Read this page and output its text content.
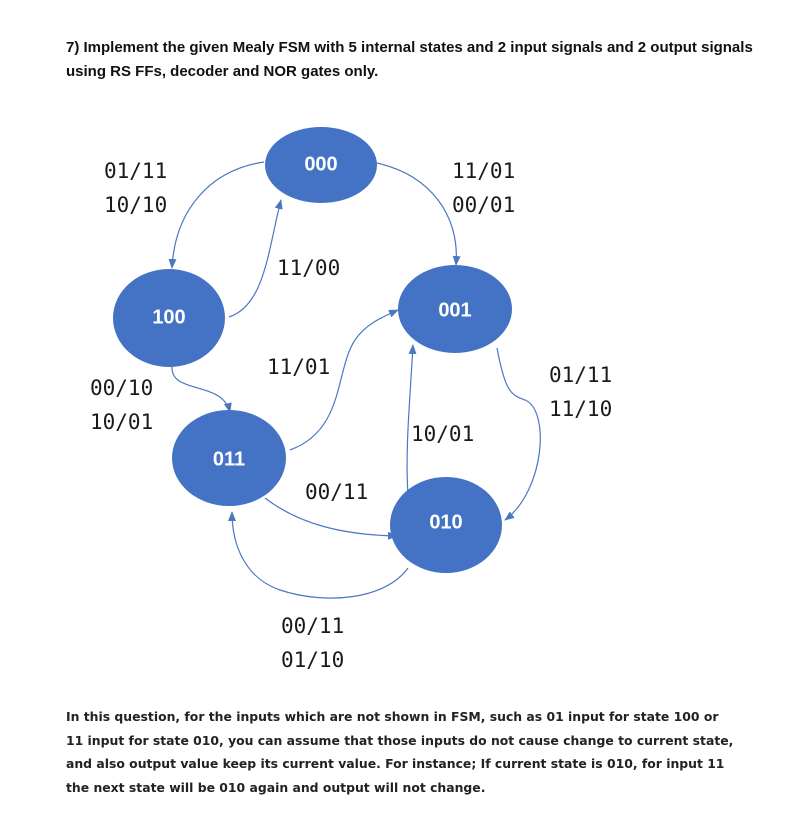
7) Implement the given Mealy FSM with 5 internal states and 2 input signals and 2 output signals using RS FFs, decoder and NOR gates only.
000
001
100
011
010
01/11
10/10
11/01
00/01
11/00
00/10
10/01
11/01
00/11
10/01
01/11
11/10
00/11
01/10
In this question, for the inputs which are not shown in FSM, such as 01 input for state 100 or 11 input for state 010, you can assume that those inputs do not cause change to current state, and also output value keep its current value. For instance; If current state is 010, for input 11 the next state will be 010 again and output will not change.
